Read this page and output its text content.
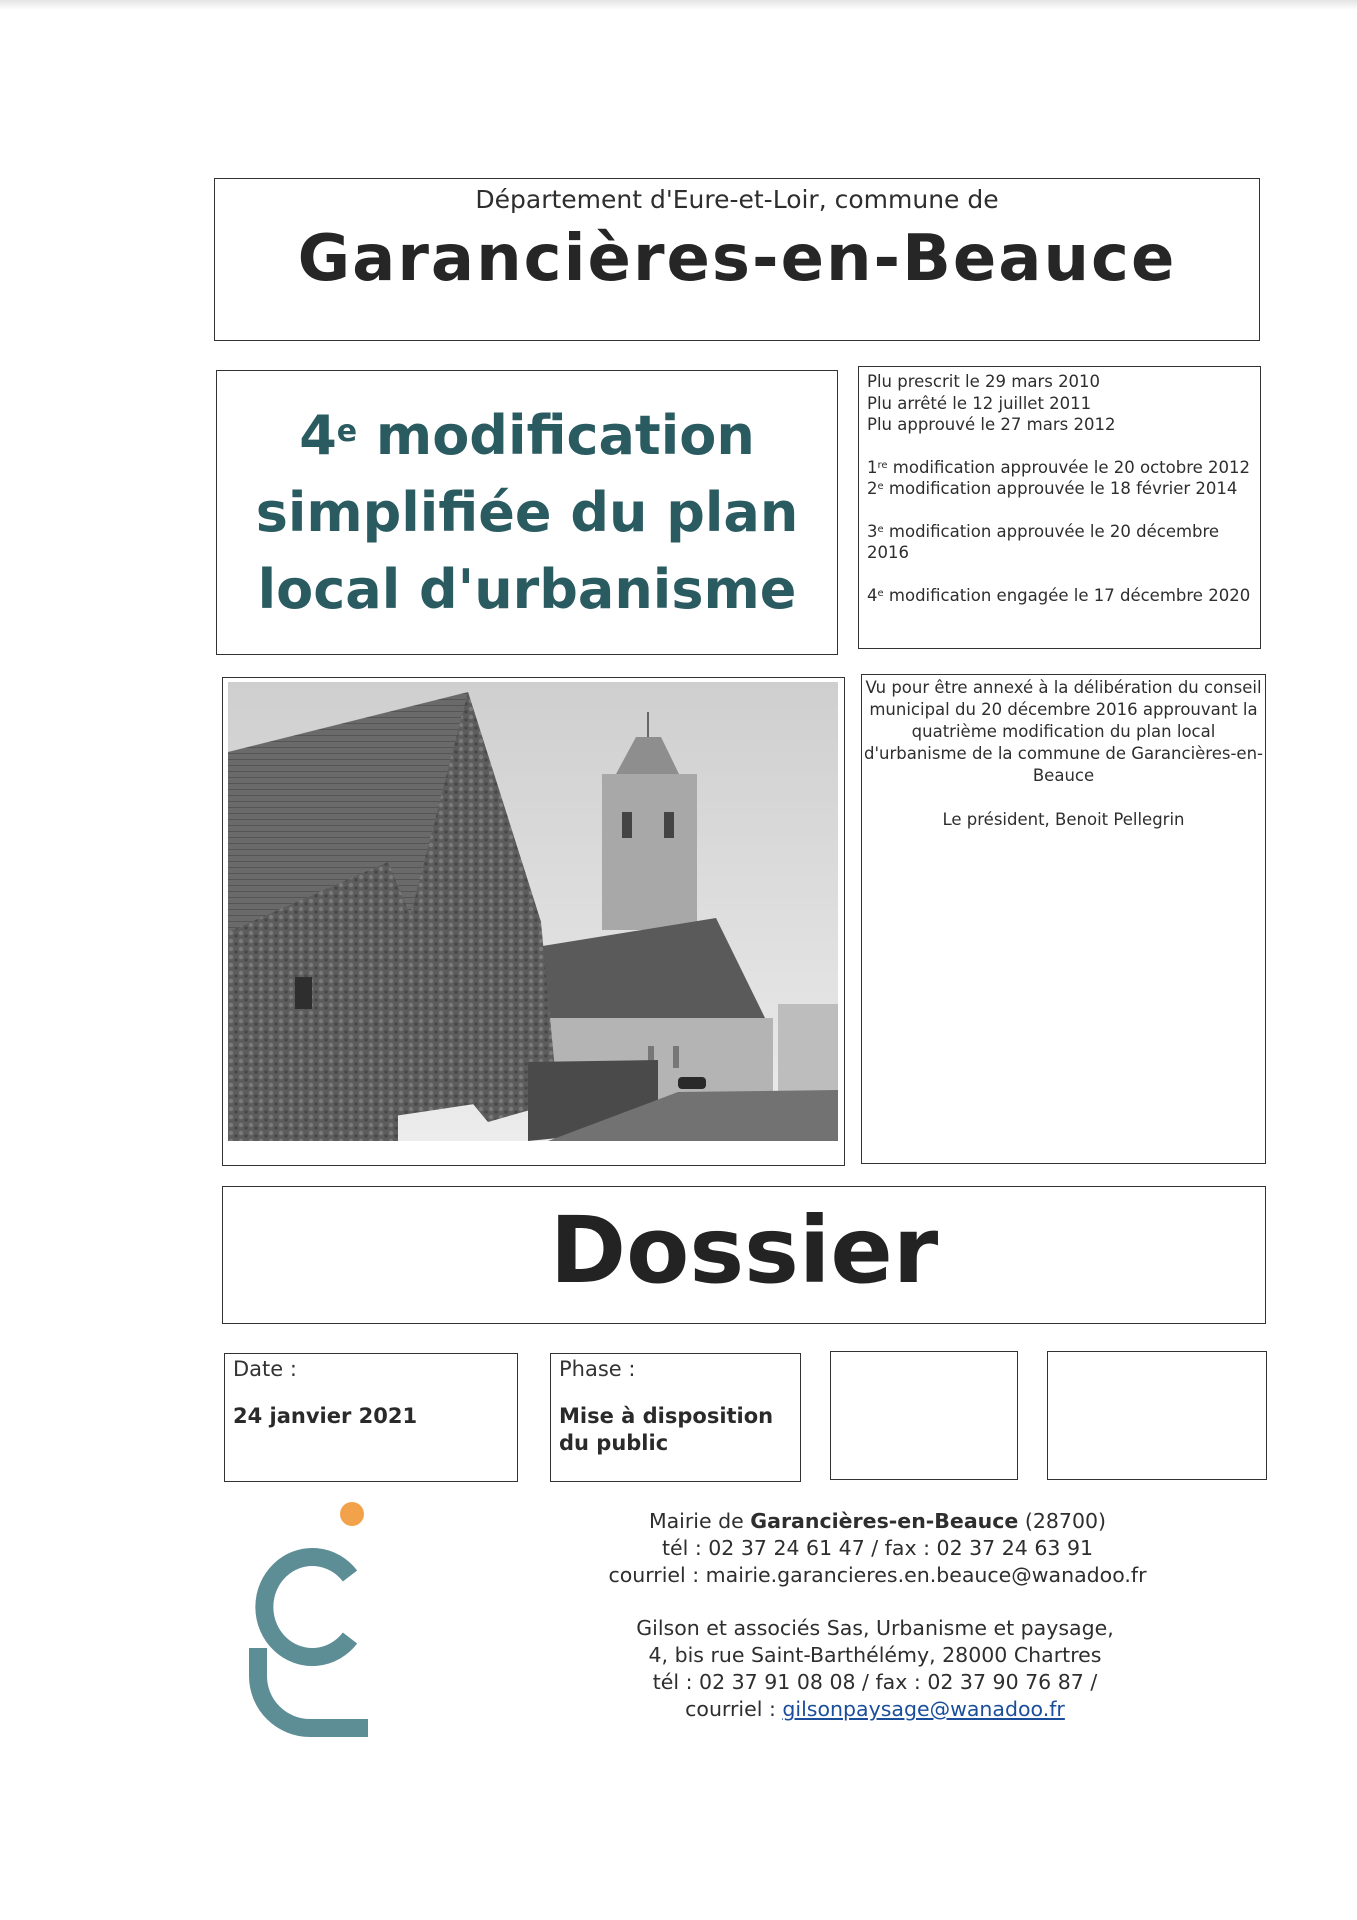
Département d'Eure-et-Loir, commune de
Garancières-en-Beauce
4e modification
simplifiée du plan
local d'urbanisme

Plu prescrit le 29 mars 2010

Plu arrêté le 12 juillet 2011

Plu approuvé le 27 mars 2012

1re modification approuvée le 20 octobre 2012

2e modification approuvée le 18 février 2014

3e modification approuvée le 20 décembre 2016

4e modification engagée le 17 décembre 2020

Vu pour être annexé à la délibération du conseil municipal du 20 décembre 2016 approuvant la quatrième modification du plan local d'urbanisme de la commune de Garancières-en-Beauce
Le président, Benoit Pellegrin
Dossier
Date :
24 janvier 2021
Phase :
Mise à disposition du public
Mairie de Garancières-en-Beauce (28700)
tél : 02 37 24 61 47 / fax : 02 37 24 63 91
courriel : mairie.garancieres.en.beauce@wanadoo.fr
Gilson et associés Sas, Urbanisme et paysage,
4, bis rue Saint-Barthélémy, 28000 Chartres
tél : 02 37 91 08 08 / fax : 02 37 90 76 87 /
courriel : gilsonpaysage@wanadoo.fr
